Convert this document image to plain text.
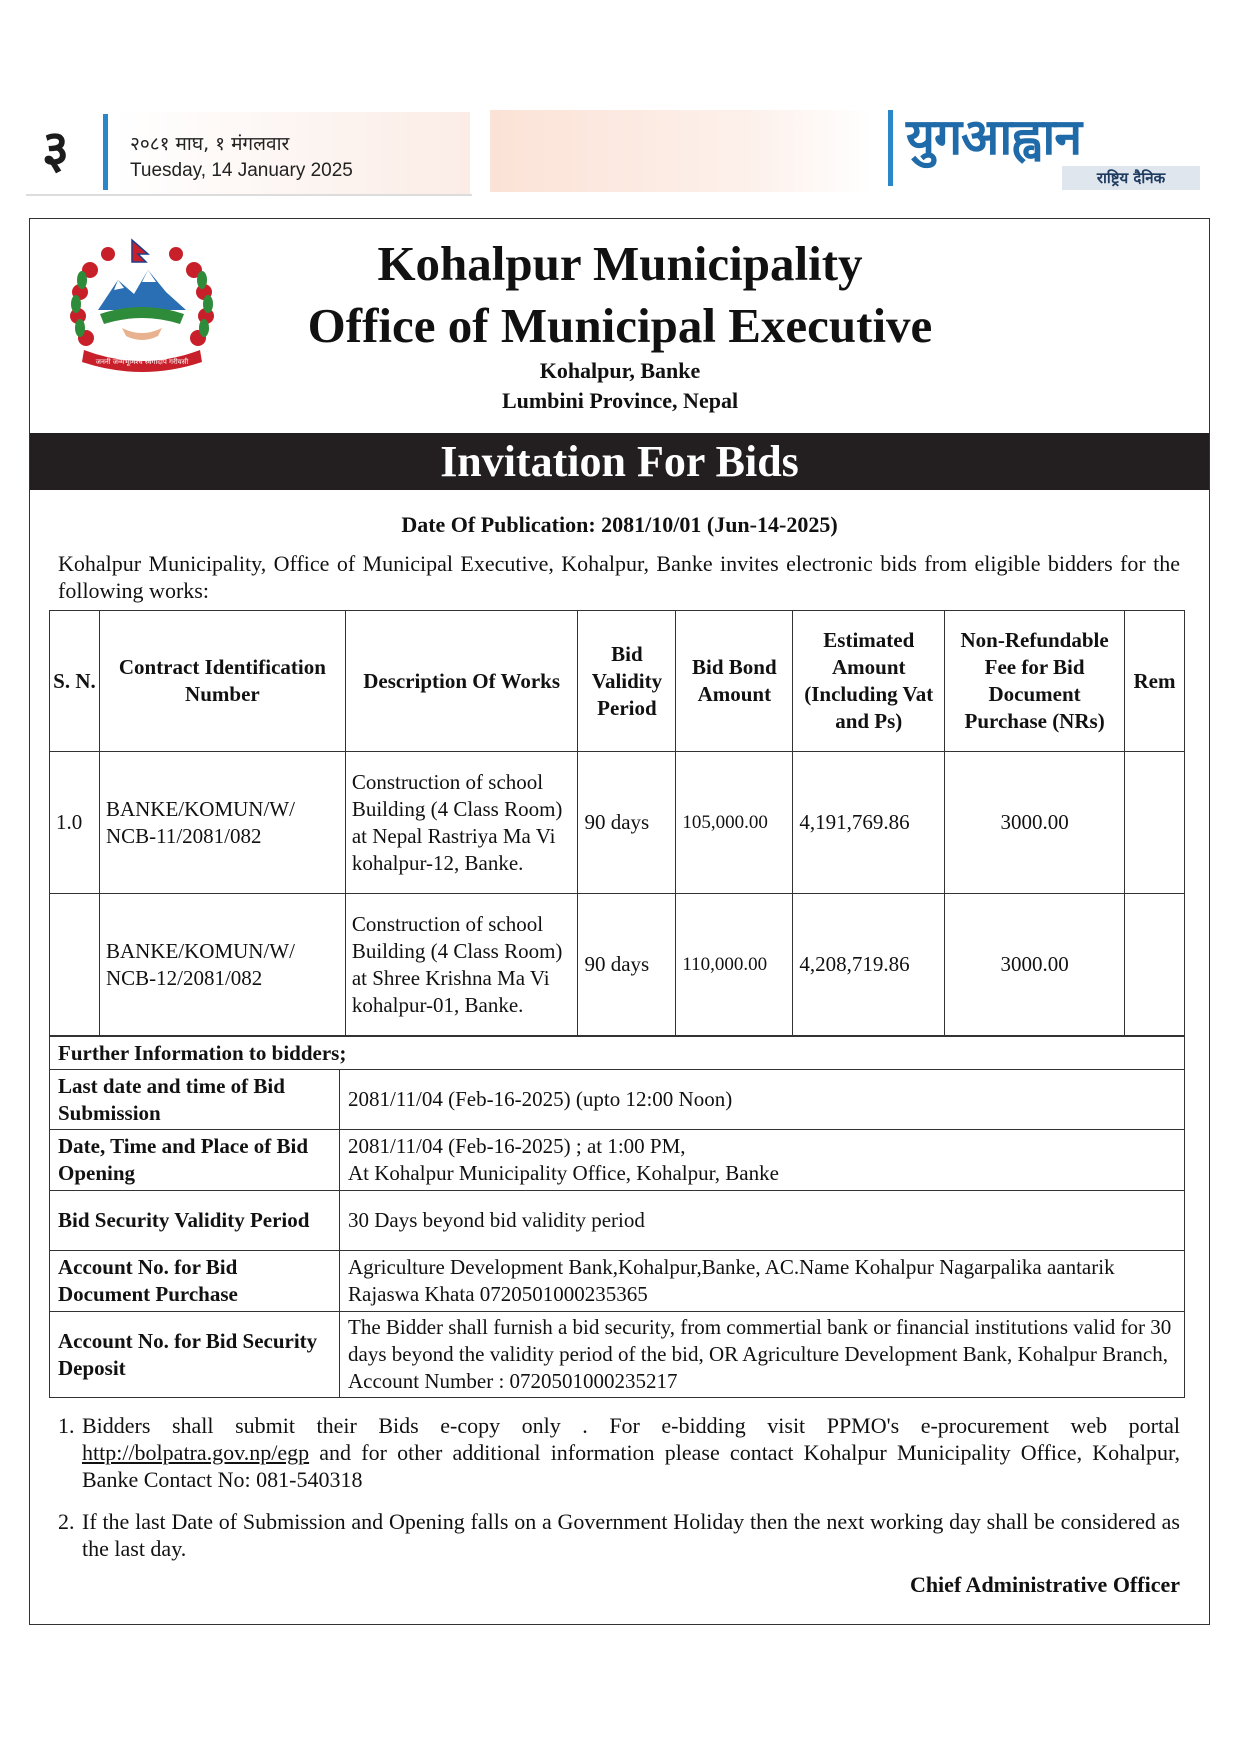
३	२०८१ माघ, १ मंगलवार
Tuesday, 14 January 2025
युगआह्वान
राष्ट्रिय दैनिक
जननी जन्मभूमिश्च स्वर्गादपि गरीयसी
Kohalpur Municipality
Office of Municipal Executive
Kohalpur, Banke
Lumbini Province, Nepal
Invitation For Bids
Date Of Publication: 2081/10/01 (Jun-14-2025)
Kohalpur Municipality, Office of Municipal Executive, Kohalpur, Banke invites electronic bids from eligible bidders for the following works:
S. N.	Contract Identification Number	Description Of Works	Bid Validity Period	Bid Bond Amount	Estimated Amount (Including Vat and Ps)	Non-Refundable Fee for Bid Document Purchase (NRs)	Rem
1.0	BANKE/KOMUN/W/ NCB-11/2081/082	Construction of school Building (4 Class Room) at Nepal Rastriya Ma Vi kohalpur-12, Banke.	90 days	105,000.00	4,191,769.86	3000.00	
	BANKE/KOMUN/W/ NCB-12/2081/082	Construction of school Building (4 Class Room) at Shree Krishna Ma Vi kohalpur-01, Banke.	90 days	110,000.00	4,208,719.86	3000.00	
Further Information to bidders;	
Last date and time of Bid Submission	2081/11/04 (Feb-16-2025) (upto 12:00 Noon)
Date, Time and Place of Bid Opening	2081/11/04 (Feb-16-2025) ; at 1:00 PM,
At Kohalpur Municipality Office, Kohalpur, Banke

Bid Security Validity Period	30 Days beyond bid validity period
Account No. for Bid Document Purchase	Agriculture Development Bank,Kohalpur,Banke, AC.Name Kohalpur Nagarpalika aantarik Rajaswa Khata 0720501000235365
Account No. for Bid Security Deposit	The Bidder shall furnish a bid security, from commertial bank or financial institutions valid for 30 days beyond the validity period of the bid, OR Agriculture Development Bank, Kohalpur Branch, Account Number : 0720501000235217
1. Bidders shall submit their Bids e-copy only . For e-bidding visit PPMO's e-procurement web portal http://bolpatra.gov.np/egp and for other additional information please contact Kohalpur Municipality Office, Kohalpur, Banke Contact No: 081-540318
2. If the last Date of Submission and Opening falls on a Government Holiday then the next working day shall be considered as the last day.
Chief Administrative Officer
